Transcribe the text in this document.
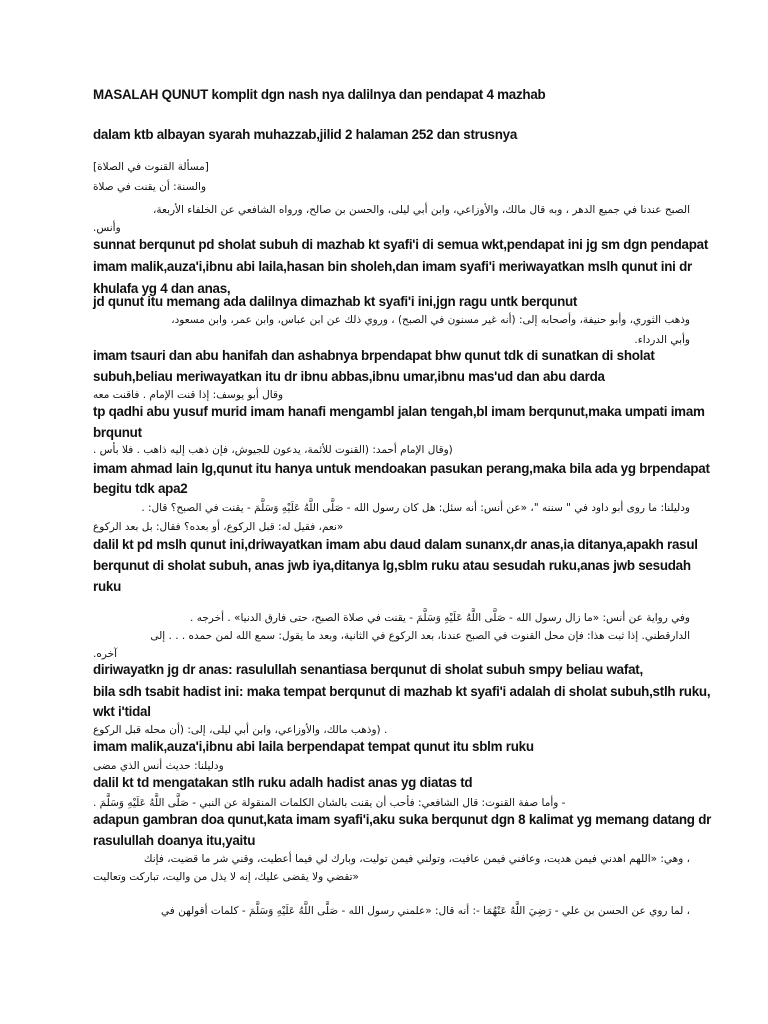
MASALAH QUNUT komplit dgn nash nya dalilnya dan pendapat 4 mazhab
dalam ktb albayan syarah muhazzab,jilid 2 halaman 252 dan strusnya
[مسألة القنوت في الصلاة]
والسنة: أن يقنت في صلاة
الصبح عندنا في جميع الدهر ، وبه قال مالك، والأوزاعي، وابن أبي ليلى، والحسن بن صالح، ورواه الشافعي عن الخلفاء الأربعة،
وأنس.
sunnat berqunut pd sholat subuh di mazhab kt syafi'i di semua wkt,pendapat ini jg sm dgn pendapat
imam malik,auza'i,ibnu abi laila,hasan bin sholeh,dan imam syafi'i meriwayatkan mslh qunut ini dr
khulafa yg 4 dan anas,
jd qunut itu memang ada dalilnya dimazhab kt syafi'i ini,jgn ragu untk berqunut
وذهب الثوري، وأبو حنيفة، وأصحابه إلى: (أنه غير مسنون في الصبح) ، وروي ذلك عن ابن عباس، وابن عمر، وابن مسعود،
وأبي الدرداء.
imam tsauri dan abu hanifah dan ashabnya brpendapat bhw qunut tdk di sunatkan di sholat
subuh,beliau meriwayatkan itu dr ibnu abbas,ibnu umar,ibnu mas'ud dan abu darda
وقال أبو يوسف: إذا قنت الإمام . فاقنت معه
tp qadhi abu yusuf murid imam hanafi mengambl jalan tengah,bl imam berqunut,maka umpati imam
brqunut
(وقال الإمام أحمد: (القنوت للأئمة، يدعون للجيوش، فإن ذهب إليه ذاهب . فلا بأس .
imam ahmad lain lg,qunut itu hanya untuk mendoakan pasukan perang,maka bila ada yg brpendapat
begitu tdk apa2
ودليلنا: ما روى أبو داود في " سننه "، «عن أنس: أنه سئل: هل كان رسول الله - صَلَّى اللَّهُ عَلَيْهِ وَسَلَّمَ - يقنت في الصبح؟ قال: .
«نعم، فقيل له: قبل الركوع، أو بعده؟ فقال: بل بعد الركوع
dalil kt pd mslh qunut ini,driwayatkan imam abu daud dalam sunanx,dr anas,ia ditanya,apakh rasul
berqunut di sholat subuh, anas jwb iya,ditanya lg,sblm ruku atau sesudah ruku,anas jwb sesudah
ruku
وفي رواية عن أنس: «ما زال رسول الله - صَلَّى اللَّهُ عَلَيْهِ وَسَلَّمَ - يقنت في صلاة الصبح، حتى فارق الدنيا» . أخرجه .
الدارقطني. إذا ثبت هذا: فإن محل القنوت في الصبح عندنا، بعد الركوع في الثانية، وبعد ما يقول: سمع الله لمن حمده . . . إلى
آخره.
diriwayatkn jg dr anas: rasulullah senantiasa berqunut di sholat subuh smpy beliau wafat,
bila sdh tsabit hadist ini: maka tempat berqunut di mazhab kt syafi'i adalah di sholat subuh,stlh ruku,
wkt i'tidal
. (وذهب مالك، والأوزاعي، وابن أبي ليلى، إلى: (أن محله قبل الركوع
imam malik,auza'i,ibnu abi laila berpendapat tempat qunut itu sblm ruku
ودليلنا: حديث أنس الذي مضى
dalil kt td mengatakan stlh ruku adalh hadist anas yg diatas td
- وأما صفة القنوت: قال الشافعي: فأحب أن يقنت بالشان الكلمات المنقولة عن النبي - صَلَّى اللَّهُ عَلَيْهِ وَسَلَّمَ .
adapun gambran doa qunut,kata imam syafi'i,aku suka berqunut dgn 8 kalimat yg memang datang dr
rasulullah doanya itu,yaitu
، وهي: «اللهم اهدني فيمن هديت، وعافني فيمن عافيت، وتولني فيمن توليت، وبارك لي فيما أعطيت، وقني شر ما قضيت، فإنك
«تقضي ولا يقضى عليك، إنه لا يذل من واليت، تباركت وتعاليت
، لما روي عن الحسن بن علي - رَضِيَ اللَّهُ عَنْهُمَا -: أنه قال: «علمني رسول الله - صَلَّى اللَّهُ عَلَيْهِ وَسَلَّمَ - كلمات أقولهن في
